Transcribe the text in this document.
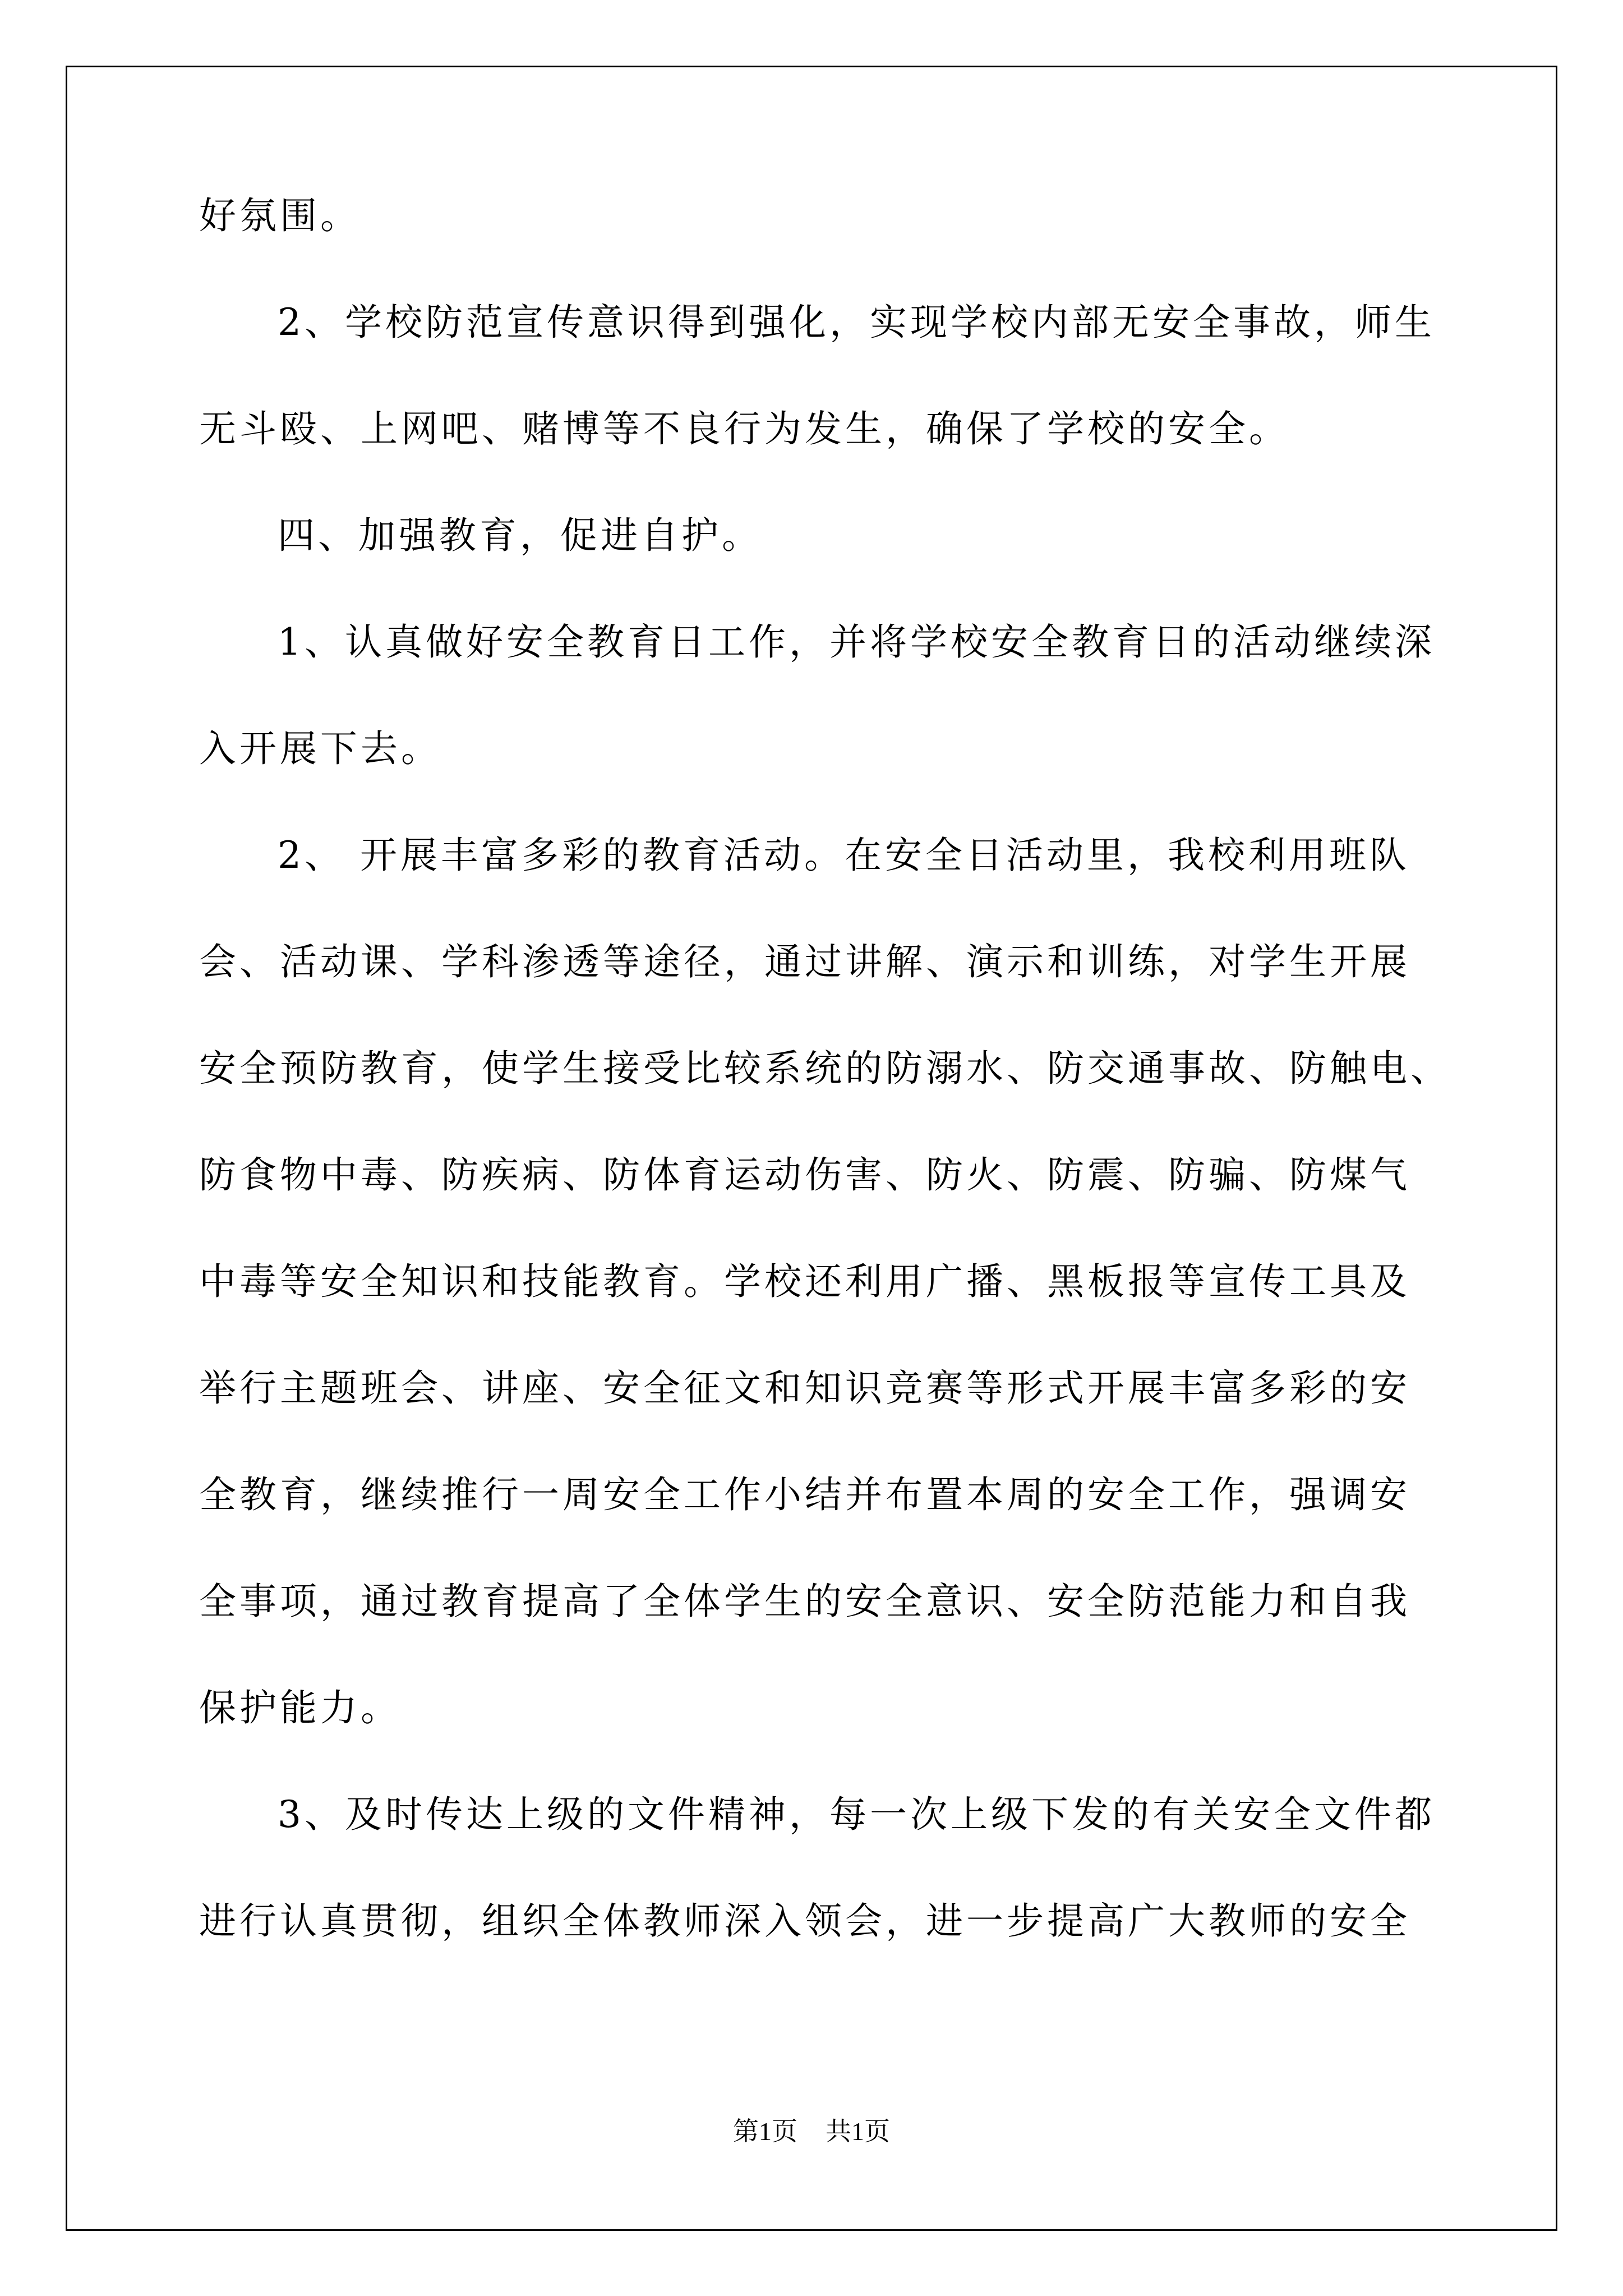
好氛围。
2、学校防范宣传意识得到强化，实现学校内部无安全事故，师生
无斗殴、上网吧、赌博等不良行为发生，确保了学校的安全。
四、加强教育，促进自护。
1、认真做好安全教育日工作，并将学校安全教育日的活动继续深
入开展下去。
2、 开展丰富多彩的教育活动。在安全日活动里，我校利用班队
会、活动课、学科渗透等途径，通过讲解、演示和训练，对学生开展
安全预防教育，使学生接受比较系统的防溺水、防交通事故、防触电、
防食物中毒、防疾病、防体育运动伤害、防火、防震、防骗、防煤气
中毒等安全知识和技能教育。学校还利用广播、黑板报等宣传工具及
举行主题班会、讲座、安全征文和知识竞赛等形式开展丰富多彩的安
全教育，继续推行一周安全工作小结并布置本周的安全工作，强调安
全事项，通过教育提高了全体学生的安全意识、安全防范能力和自我
保护能力。
3、及时传达上级的文件精神，每一次上级下发的有关安全文件都
进行认真贯彻，组织全体教师深入领会，进一步提高广大教师的安全
第1页 共1页
